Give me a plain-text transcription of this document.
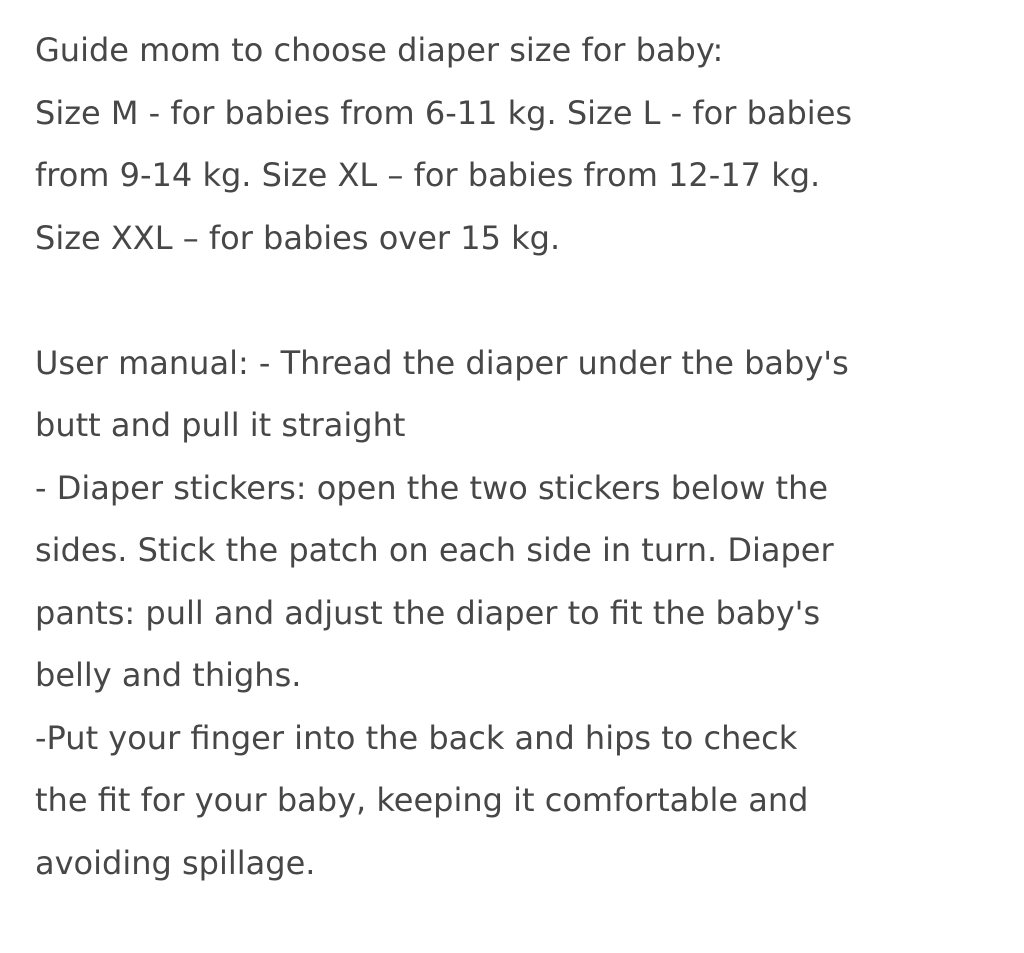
Guide mom to choose diaper size for baby:
Size M - for babies from 6-11 kg. Size L - for babies
from 9-14 kg. Size XL – for babies from 12-17 kg.
Size XXL – for babies over 15 kg.
User manual: - Thread the diaper under the baby's
butt and pull it straight
- Diaper stickers: open the two stickers below the
sides. Stick the patch on each side in turn. Diaper
pants: pull and adjust the diaper to fit the baby's
belly and thighs.
-Put your finger into the back and hips to check
the fit for your baby, keeping it comfortable and
avoiding spillage.
